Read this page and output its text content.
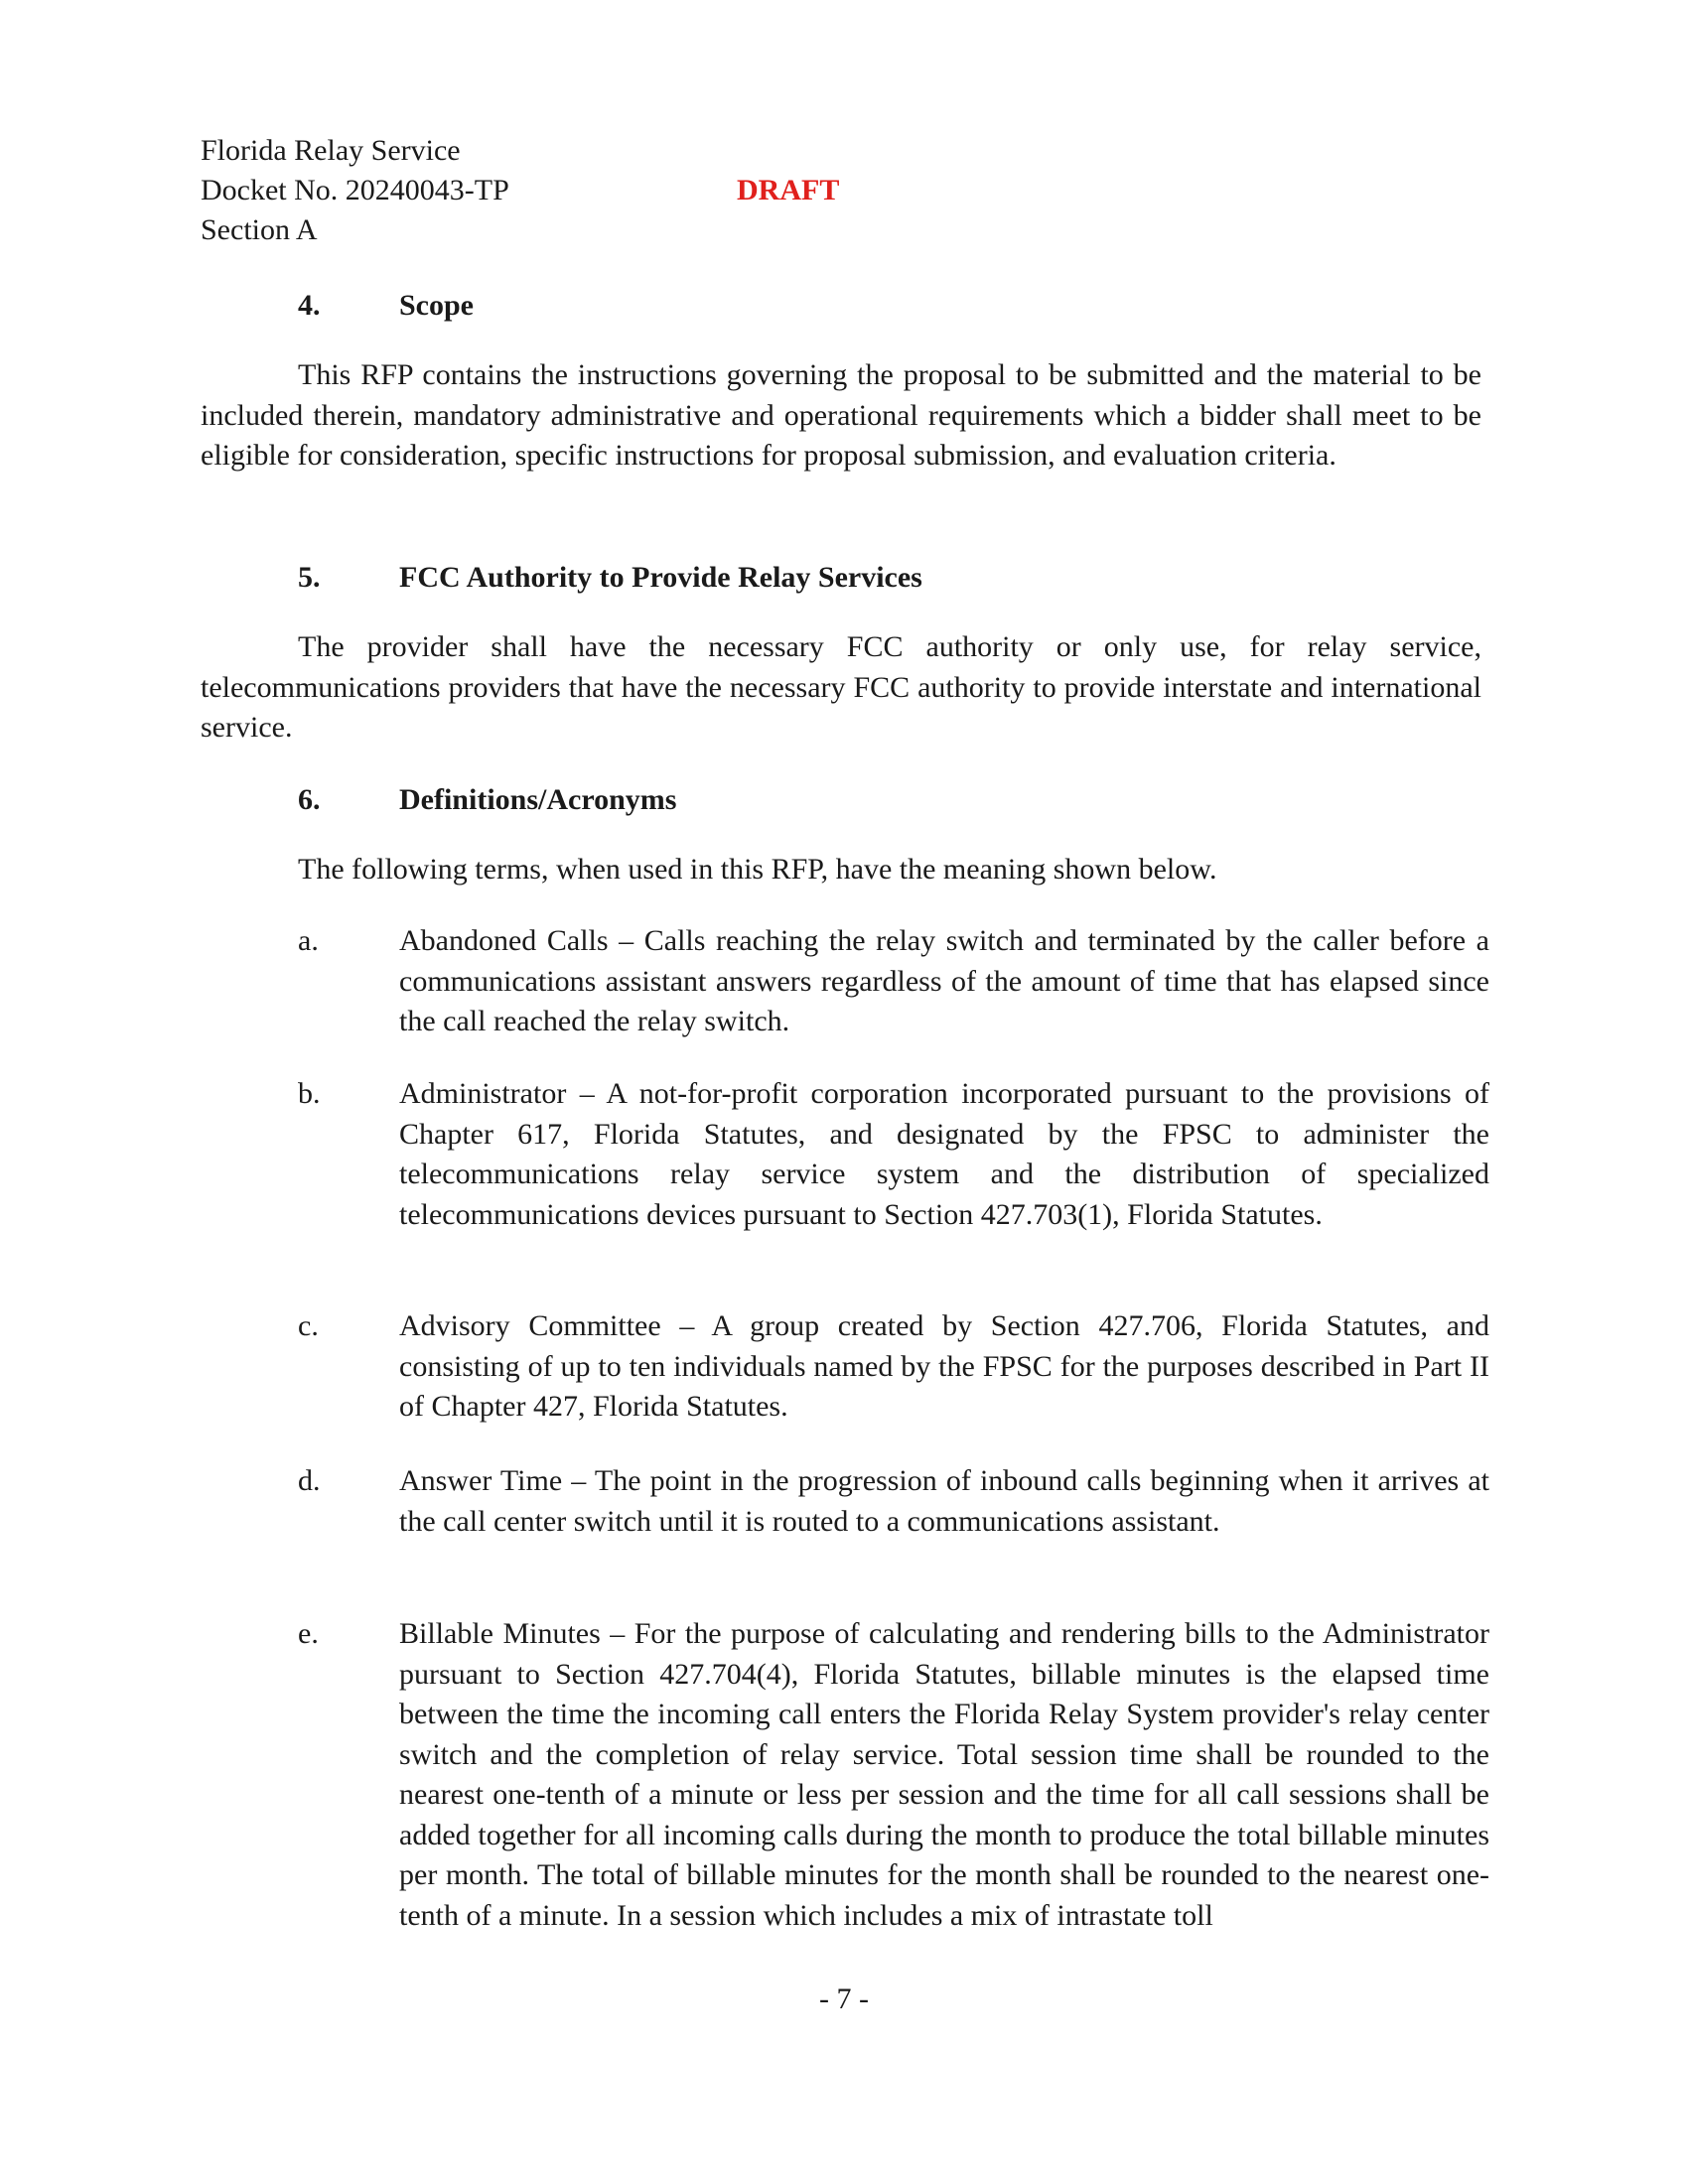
Florida Relay Service
Docket No. 20240043-TP
Section A
DRAFT
4.	Scope

This RFP contains the instructions governing the proposal to be submitted and the material to be included therein, mandatory administrative and operational requirements which a bidder shall meet to be eligible for consideration, specific instructions for proposal submission, and evaluation criteria.

5.	FCC Authority to Provide Relay Services

The provider shall have the necessary FCC authority or only use, for relay service, telecommunications providers that have the necessary FCC authority to provide interstate and international service.

6.	Definitions/Acronyms
The following terms, when used in this RFP, have the meaning shown below.
a.	Abandoned Calls – Calls reaching the relay switch and terminated by the caller before a communications assistant answers regardless of the amount of time that has elapsed since the call reached the relay switch.

b.	Administrator – A not-for-profit corporation incorporated pursuant to the provisions of Chapter 617, Florida Statutes, and designated by the FPSC to administer the telecommunications relay service system and the distribution of specialized telecommunications devices pursuant to Section 427.703(1), Florida Statutes.

c.	Advisory Committee – A group created by Section 427.706, Florida Statutes, and consisting of up to ten individuals named by the FPSC for the purposes described in Part II of Chapter 427, Florida Statutes.

d.	Answer Time – The point in the progression of inbound calls beginning when it arrives at the call center switch until it is routed to a communications assistant.

e.	Billable Minutes – For the purpose of calculating and rendering bills to the Administrator pursuant to Section 427.704(4), Florida Statutes, billable minutes is the elapsed time between the time the incoming call enters the Florida Relay System provider's relay center switch and the completion of relay service. Total session time shall be rounded to the nearest one-tenth of a minute or less per session and the time for all call sessions shall be added together for all incoming calls during the month to produce the total billable minutes per month. The total of billable minutes for the month shall be rounded to the nearest one-tenth of a minute. In a session which includes a mix of intrastate toll

- 7 -
